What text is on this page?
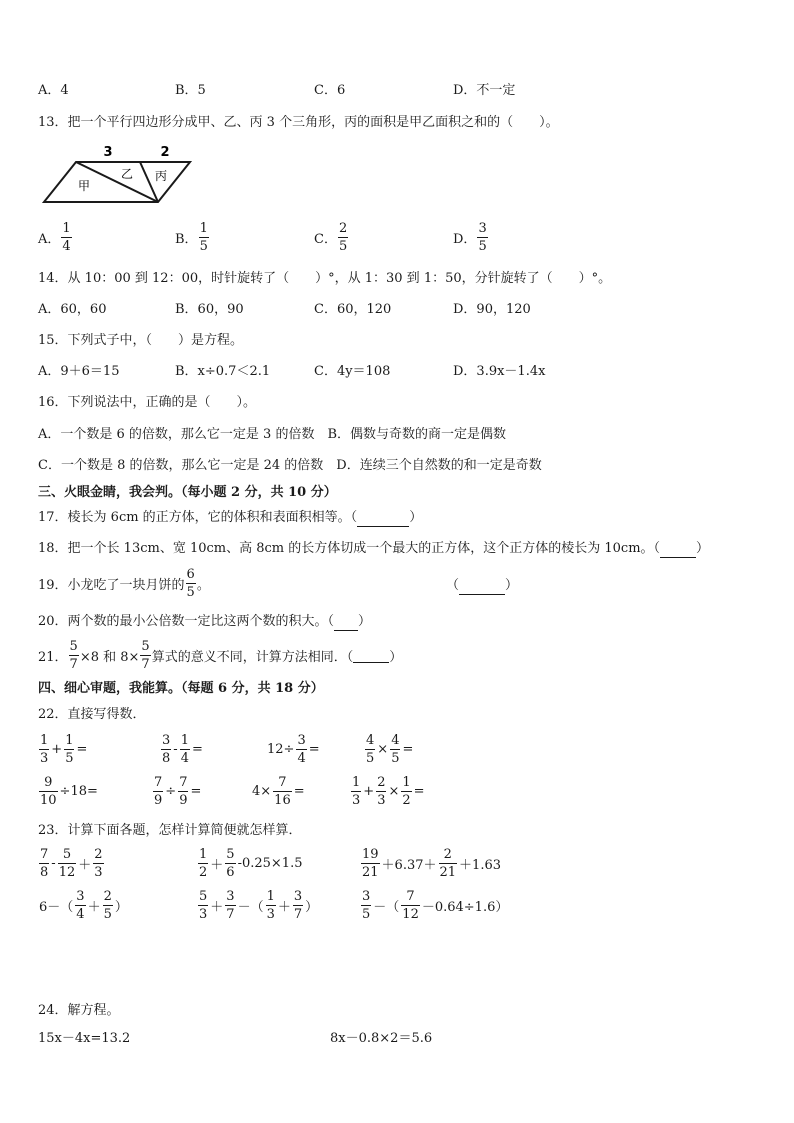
A．4	B．5	C．6	D．不一定
13．把一个平行四边形分成甲、乙、丙 3 个三角形，丙的面积是甲乙面积之和的（　　）。
3	2
甲
乙 丙
A． $\frac{1}{4}$	B． $\frac{1}{5}$	C． $\frac{2}{5}$	D． $\frac{3}{5}$
14．从 10：00 到 12：00，时针旋转了（　　）°，从 1：30 到 1：50，分针旋转了（　　）°。
A．60，60	B．60，90	C．60，120	D．90，120
15．下列式子中，（　　）是方程。
A．9＋6＝15	B．x÷0.7＜2.1	C．4y＝108	D．3.9x－1.4x
16．下列说法中，正确的是（　　）。
A．一个数是 6 的倍数，那么它一定是 3 的倍数　B．偶数与奇数的商一定是偶数
C．一个数是 8 的倍数，那么它一定是 24 的倍数　D．连续三个自然数的和一定是奇数
三、火眼金睛，我会判。（每小题 2 分，共 10 分）
17．棱长为 6cm 的正方体，它的体积和表面积相等。（	）
18．把一个长 13cm、宽 10cm、高 8cm 的长方体切成一个最大的正方体，这个正方体的棱长为 10cm。（	）
19．小龙吃了一块月饼的 $\frac{6}{5}$ 。	（	）
20．两个数的最小公倍数一定比这两个数的积大。（ ）
21． $\frac{5}{7} \times 8$ 和 $8\times \frac{5}{7}$ 算式的意义不同，计算方法相同．（	）
四、细心审题，我能算。（每题 6 分，共 18 分）
22．直接写得数．
$\frac{1}{3} + \frac{1}{5}$ =	$\frac{3}{8} - \frac{1}{4}$ =	$12\div \frac{3}{4}$ =	$\frac{4}{5} \times \frac{4}{5}$ =
$\frac{9}{10} \div 18=$	$\frac{7}{9} \div \frac{7}{9}$ =	$4\times \frac{7}{16}$ =	$\frac{1}{3} + \frac{2}{3} \times \frac{1}{2}$ =
23．计算下面各题，怎样计算简便就怎样算．
$\frac{7}{8} - \frac{5}{12} + \frac{2}{3}$	$\frac{1}{2} + \frac{5}{6} -0.25\times 1.5$	$\frac{19}{21} +6.37+ \frac{2}{21} +1.63$
$6-( \frac{3}{4} + \frac{2}{5}$ ）	$\frac{5}{3} + \frac{3}{7}$ －（ $\frac{1}{3} + \frac{3}{7}$ ）	$\frac{3}{5}$ －（ $\frac{7}{12} -0.64\div 1.6$）
24．解方程。
15x－4x=13.2	8x－0.8×2＝5.6
